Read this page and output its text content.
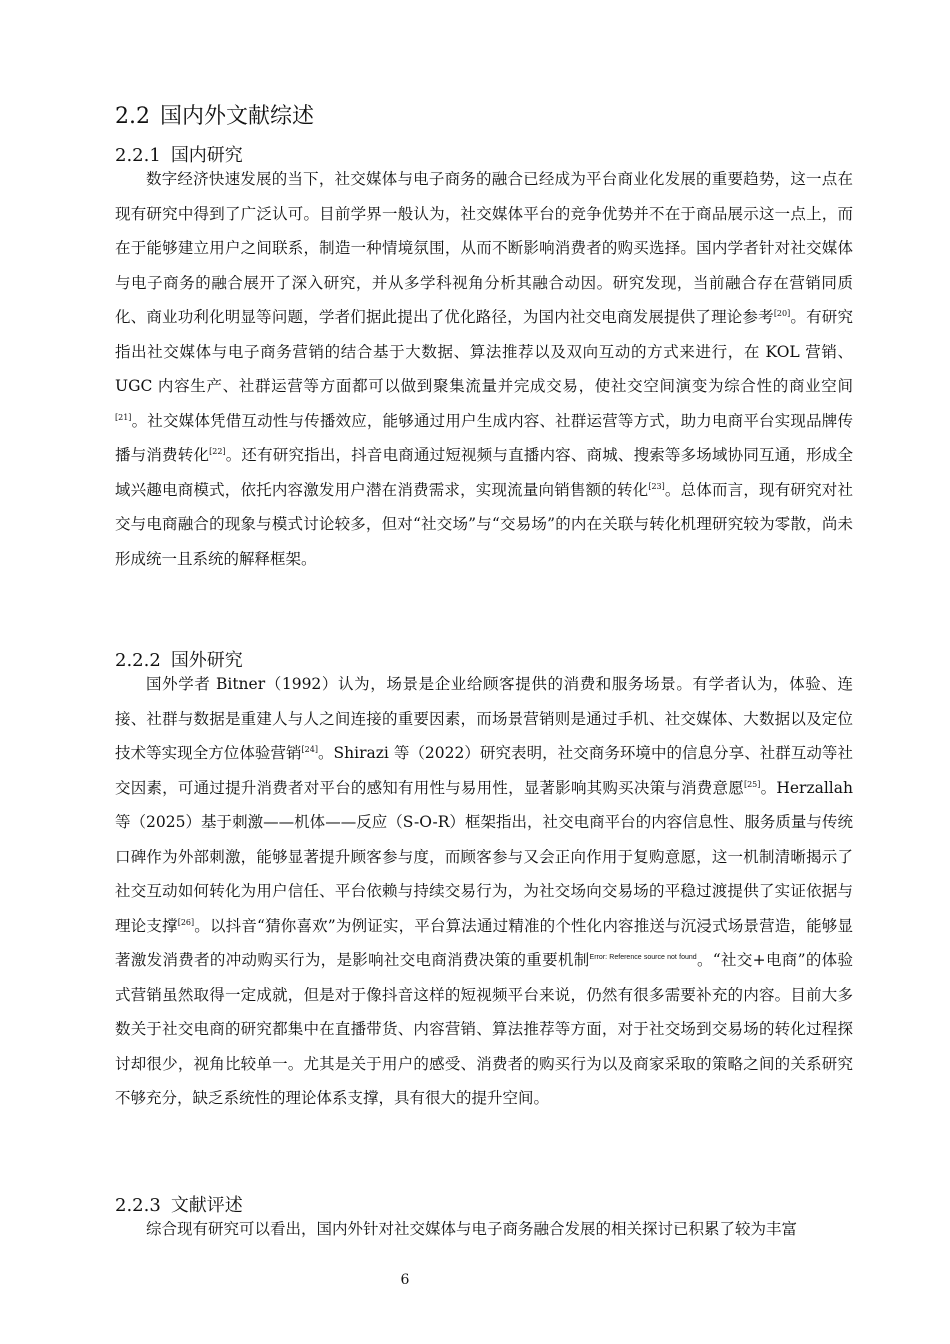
2.2 国内外文献综述
2.2.1 国内研究

数字经济快速发展的当下，社交媒体与电子商务的融合已经成为平台商业化发展的重要趋势，这一点在现有研究中得到了广泛认可。目前学界一般认为，社交媒体平台的竞争优势并不在于商品展示这一点上，而在于能够建立用户之间联系，制造一种情境氛围，从而不断影响消费者的购买选择。国内学者针对社交媒体与电子商务的融合展开了深入研究，并从多学科视角分析其融合动因。研究发现，当前融合存在营销同质化、商业功利化明显等问题，学者们据此提出了优化路径，为国内社交电商发展提供了理论参考[20]。有研究指出社交媒体与电子商务营销的结合基于大数据、算法推荐以及双向互动的方式来进行，在 KOL 营销、UGC 内容生产、社群运营等方面都可以做到聚集流量并完成交易，使社交空间演变为综合性的商业空间[21]。社交媒体凭借互动性与传播效应，能够通过用户生成内容、社群运营等方式，助力电商平台实现品牌传播与消费转化[22]。还有研究指出，抖音电商通过短视频与直播内容、商城、搜索等多场域协同互通，形成全域兴趣电商模式，依托内容激发用户潜在消费需求，实现流量向销售额的转化[23]。总体而言，现有研究对社交与电商融合的现象与模式讨论较多，但对“社交场”与“交易场”的内在关联与转化机理研究较为零散，尚未形成统一且系统的解释框架。

2.2.2 国外研究

国外学者 Bitner（1992）认为，场景是企业给顾客提供的消费和服务场景。有学者认为，体验、连接、社群与数据是重建人与人之间连接的重要因素，而场景营销则是通过手机、社交媒体、大数据以及定位技术等实现全方位体验营销[24]。Shirazi 等（2022）研究表明，社交商务环境中的信息分享、社群互动等社交因素，可通过提升消费者对平台的感知有用性与易用性，显著影响其购买决策与消费意愿[25]。Herzallah 等（2025）基于刺激——机体——反应（S-O-R）框架指出，社交电商平台的内容信息性、服务质量与传统口碑作为外部刺激，能够显著提升顾客参与度，而顾客参与又会正向作用于复购意愿，这一机制清晰揭示了社交互动如何转化为用户信任、平台依赖与持续交易行为，为社交场向交易场的平稳过渡提供了实证依据与理论支撑[26]。以抖音“猜你喜欢”为例证实，平台算法通过精准的个性化内容推送与沉浸式场景营造，能够显著激发消费者的冲动购买行为，是影响社交电商消费决策的重要机制$^{Error: Reference source not found}$。“社交+电商”的体验式营销虽然取得一定成就，但是对于像抖音这样的短视频平台来说，仍然有很多需要补充的内容。目前大多数关于社交电商的研究都集中在直播带货、内容营销、算法推荐等方面，对于社交场到交易场的转化过程探讨却很少，视角比较单一。尤其是关于用户的感受、消费者的购买行为以及商家采取的策略之间的关系研究不够充分，缺乏系统性的理论体系支撑，具有很大的提升空间。

2.2.3 文献评述

综合现有研究可以看出，国内外针对社交媒体与电子商务融合发展的相关探讨已积累了较为丰富

6
